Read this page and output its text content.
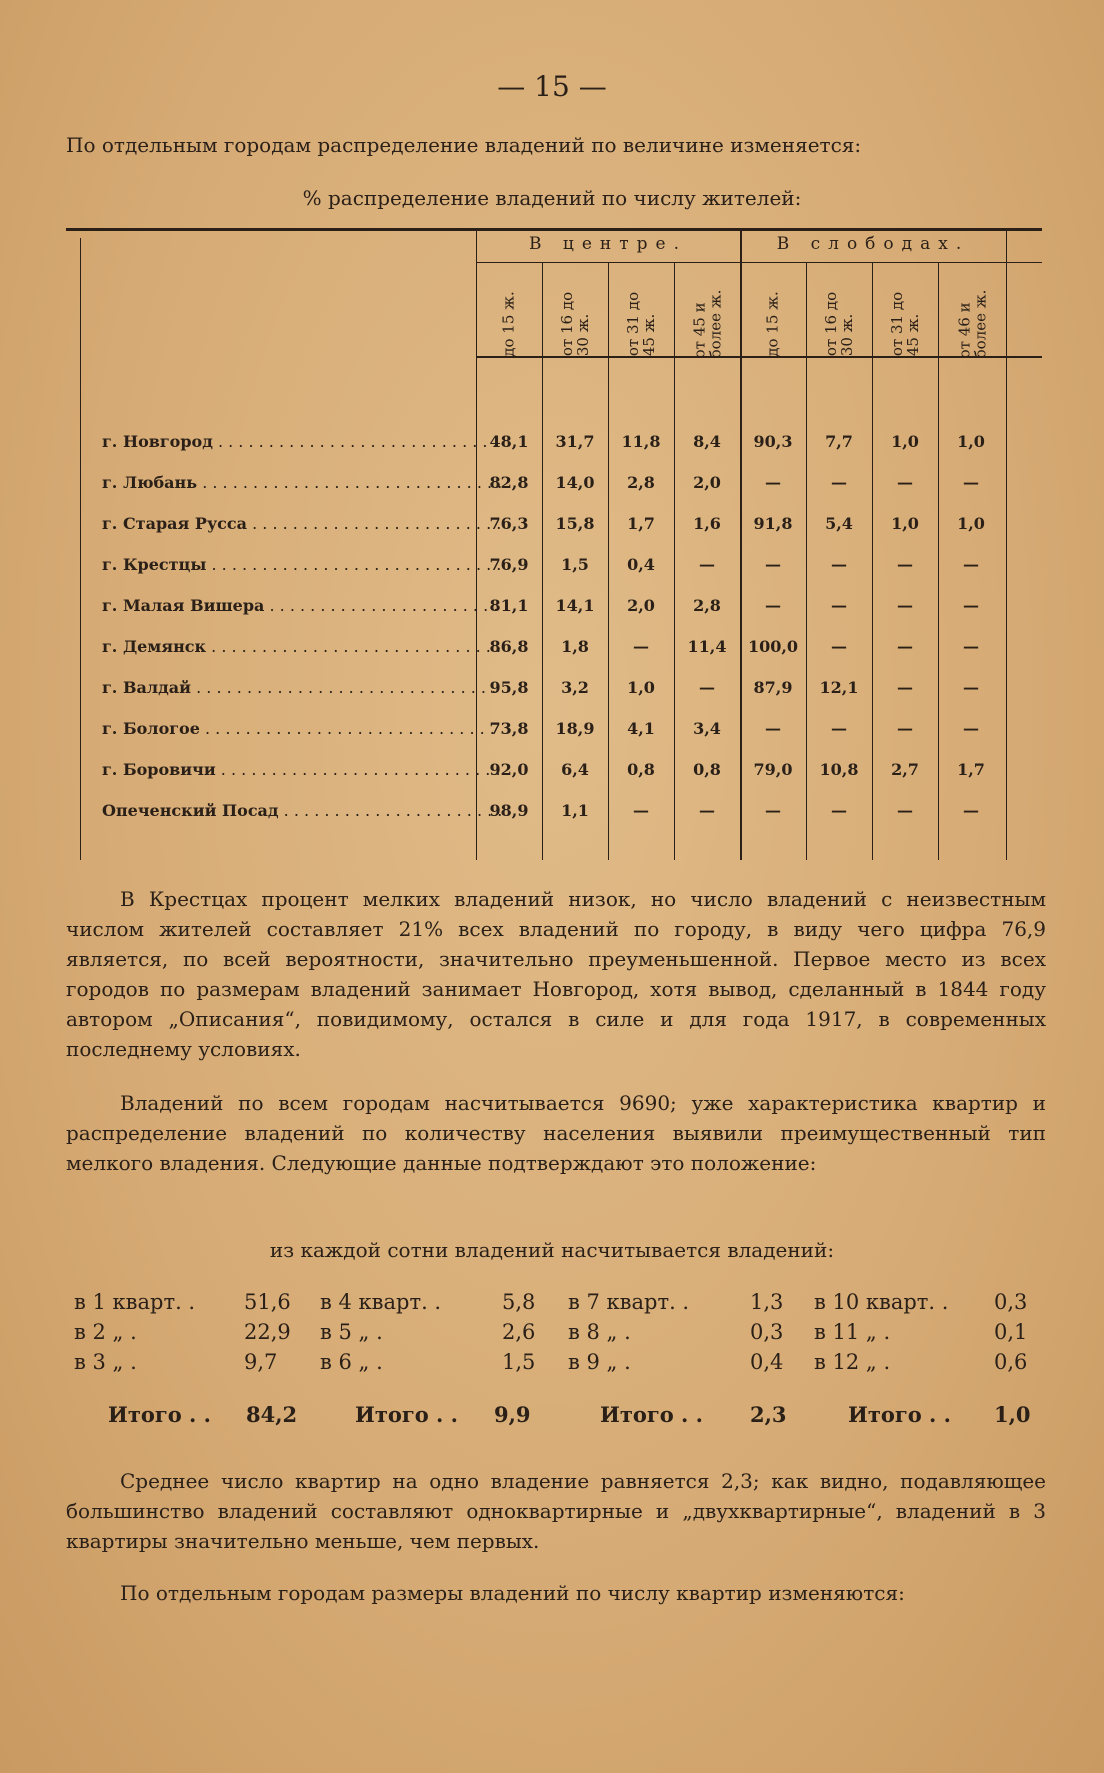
— 15 —
По отдельным городам распределение владений по величине изменяется:
% распределение владений по числу жителей:
В центре.	В слободах.
до 15 ж.	от 16 до
30 ж.
от 31 до
45 ж.
от 45 и
более ж.	до 15 ж.	от 16 до
30 ж.
от 31 до
45 ж.
от 46 и
более ж.
г. Новгород . . .	48,1	31,7	11,8	8,4	90,3	7,7	1,0	1,0
г. Любань . . .	82,8	14,0	2,8	2,0	—	—	—	—
г. Старая Русса . . .	76,3	15,8	1,7	1,6	91,8	5,4	1,0	1,0
г. Крестцы . . .	76,9	1,5	0,4	—	—	—	—	—
г. Малая Вишера . . .	81,1	14,1	2,0	2,8	—	—	—	—
г. Демянск . . .	86,8	1,8	—	11,4	100,0	—	—	—
г. Валдай . . .	95,8	3,2	1,0	—	87,9	12,1	—	—
г. Бологое . . .	73,8	18,9	4,1	3,4	—	—	—	—
г. Боровичи . . .	92,0	6,4	0,8	0,8	79,0	10,8	2,7	1,7
Опеченский Посад . . .	98,9	1,1	—	—	—	—	—	—
В Крестцах процент мелких владений низок, но число владений с неизвестным числом жителей составляет 21% всех владений по городу, в виду чего цифра 76,9 является, по всей вероятности, значительно преуменьшенной. Первое место из всех городов по размерам владений занимает Новгород, хотя вывод, сделанный в 1844 году автором „Описания“, повидимому, остался в силе и для года 1917, в современных последнему условиях.
Владений по всем городам насчитывается 9690; уже характеристика квартир и распределение владений по количеству населения выявили преимущественный тип мелкого владения. Следующие данные подтверждают это положение:
из каждой сотни владений насчитывается владений:
в 1 кварт. . 51,6 в 4 кварт. .	5,8 в 7 кварт. .	1,3 в 10 кварт. . 0,3
в 2 „ .	22,9 в 5 „ .	2,6 в 8 „ .	0,3 в 11 „ .	0,1
в 3 „ .	9,7 в 6 „ .	1,5 в 9 „ .	0,4 в 12 „ .	0,6
Итого . . 84,2	Итого . . 9,9	Итого . . 2,3	Итого . . 1,0
Среднее число квартир на одно владение равняется 2,3; как видно, подавляющее большинство владений составляют одноквартирные и „двухквартирные“, владений в 3 квартиры значительно меньше, чем первых.
По отдельным городам размеры владений по числу квартир изменяются:
